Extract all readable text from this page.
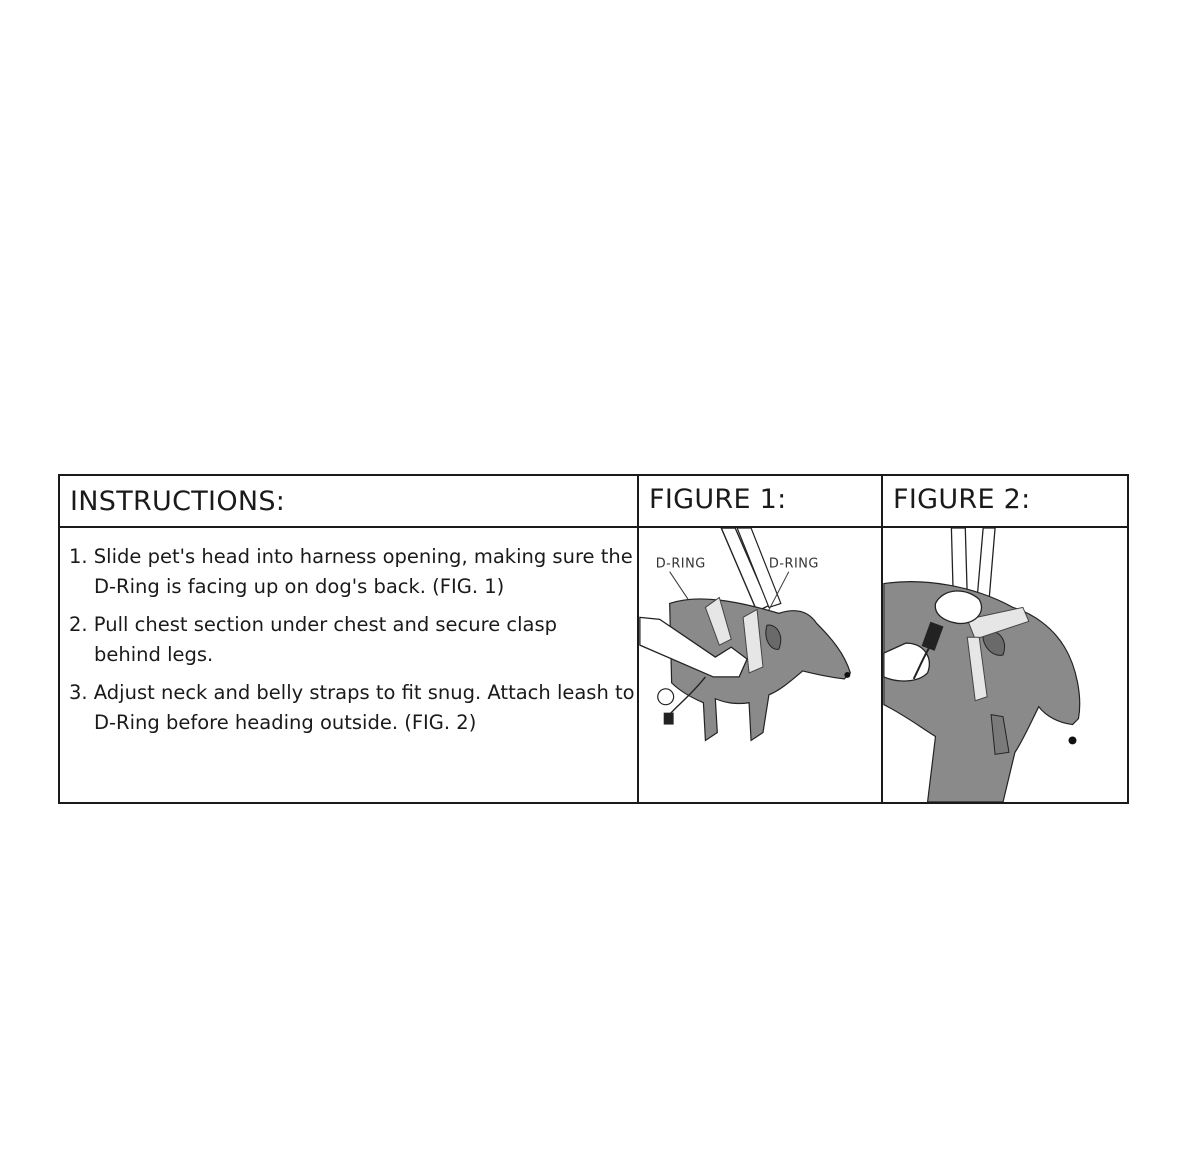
INSTRUCTIONS:
1. Slide pet's head into harness opening, making sure the
D-Ring is facing up on dog's back. (FIG. 1)
2. Pull chest section under chest and secure clasp
behind legs.
3. Adjust neck and belly straps to fit snug. Attach leash to
D-Ring before heading outside. (FIG. 2)
FIGURE 1:
D-RING	D-RING
FIGURE 2:
